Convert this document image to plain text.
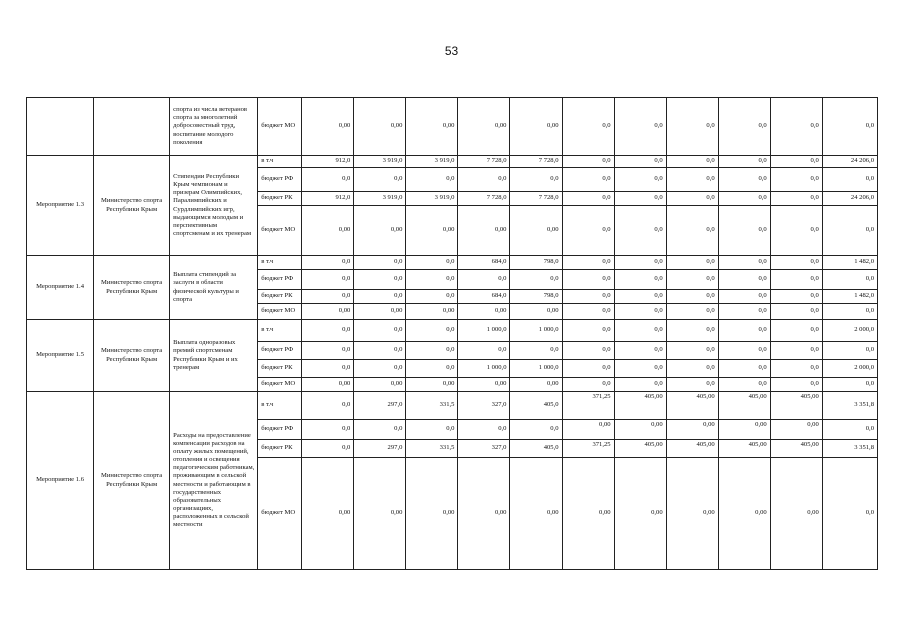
53
		спорта из числа ветеранов спорта за многолетний добросовестный труд, воспитание молодого поколения	бюджет МО	0,00	0,00	0,00	0,00	0,00	0,0	0,0	0,0	0,0	0,0	0,0
Мероприятие 1.3	Министерство спорта Республики Крым	Стипендии Республики Крым чемпионам и призерам Олимпийских, Паралимпийских и Сурдлимпийских игр, выдающимся молодым и перспективным спортсменам и их тренерам	в т.ч	912,0	3 919,0	3 919,0	7 728,0	7 728,0	0,0	0,0	0,0	0,0	0,0	24 206,0
			бюджет РФ	0,0	0,0	0,0	0,0	0,0	0,0	0,0	0,0	0,0	0,0	0,0
			бюджет РК	912,0	3 919,0	3 919,0	7 728,0	7 728,0	0,0	0,0	0,0	0,0	0,0	24 206,0
			бюджет МО	0,00	0,00	0,00	0,00	0,00	0,0	0,0	0,0	0,0	0,0	0,0
Мероприятие 1.4	Министерство спорта Республики Крым	Выплата стипендий за заслуги в области физической культуры и спорта	в т.ч	0,0	0,0	0,0	684,0	798,0	0,0	0,0	0,0	0,0	0,0	1 482,0
			бюджет РФ	0,0	0,0	0,0	0,0	0,0	0,0	0,0	0,0	0,0	0,0	0,0
			бюджет РК	0,0	0,0	0,0	684,0	798,0	0,0	0,0	0,0	0,0	0,0	1 482,0
			бюджет МО	0,00	0,00	0,00	0,00	0,00	0,0	0,0	0,0	0,0	0,0	0,0
Мероприятие 1.5	Министерство спорта Республики Крым	Выплата одноразовых премий спортсменам Республики Крым и их тренерам	в т.ч	0,0	0,0	0,0	1 000,0	1 000,0	0,0	0,0	0,0	0,0	0,0	2 000,0
			бюджет РФ	0,0	0,0	0,0	0,0	0,0	0,0	0,0	0,0	0,0	0,0	0,0
			бюджет РК	0,0	0,0	0,0	1 000,0	1 000,0	0,0	0,0	0,0	0,0	0,0	2 000,0
			бюджет МО	0,00	0,00	0,00	0,00	0,00	0,0	0,0	0,0	0,0	0,0	0,0
Мероприятие 1.6	Министерство спорта Республики Крым	Расходы на предоставление компенсации расходов на оплату жилых помещений, отопления и освещения педагогическим работникам, проживающим в сельской местности и работающим в государственных образовательных организациях, расположенных в сельской местности	в т.ч	0,0	297,0	331,5	327,0	405,0	371,25	405,00	405,00	405,00	405,00	3 351,8
			бюджет РФ	0,0	0,0	0,0	0,0	0,0	0,00	0,00	0,00	0,00	0,00	0,0
			бюджет РК	0,0	297,0	331,5	327,0	405,0	371,25	405,00	405,00	405,00	405,00	3 351,8
			бюджет МО	0,00	0,00	0,00	0,00	0,00	0,00	0,00	0,00	0,00	0,00	0,0
